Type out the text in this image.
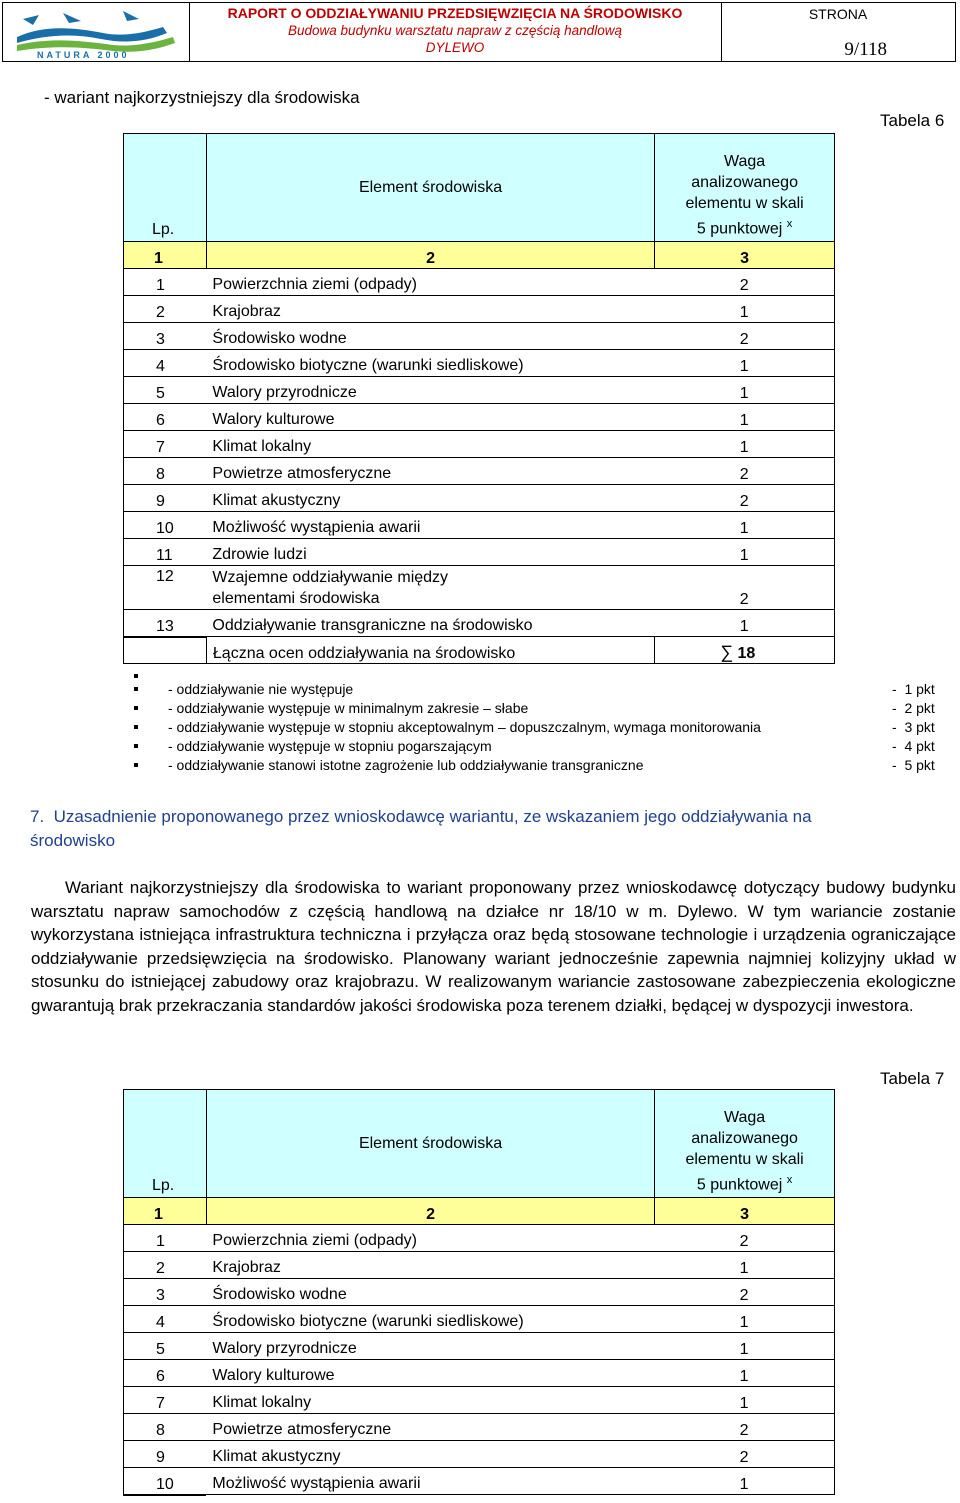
NATURA 2000
RAPORT O ODDZIAŁYWANIU PRZEDSIĘWZIĘCIA NA ŚRODOWISKO
Budowa budynku warsztatu napraw z częścią handlową
DYLEWO
STRONA
9/118
- wariant najkorzystniejszy dla środowiska
Tabela 6
Lp.	Element środowiska	Waga
analizowanego
elementu w skali
5 punktowej $^x$

1	2	3
1	Powierzchnia ziemi (odpady)	2
2	Krajobraz	1
3	Środowisko wodne	2
4	Środowisko biotyczne (warunki siedliskowe)	1
5	Walory przyrodnicze	1
6	Walory kulturowe	1
7	Klimat lokalny	1
8	Powietrze atmosferyczne	2
9	Klimat akustyczny	2
10	Możliwość wystąpienia awarii	1
11	Zdrowie ludzi	1
12	Wzajemne oddziaływanie między elementami środowiska	2
13	Oddziaływanie transgraniczne na środowisko	1
	Łączna ocen oddziaływania na środowisko	∑ 18
- oddziaływanie nie występuje	-  1 pkt
- oddziaływanie występuje w minimalnym zakresie – słabe	-  2 pkt
- oddziaływanie występuje w stopniu akceptowalnym – dopuszczalnym, wymaga monitorowania	-  3 pkt
- oddziaływanie występuje w stopniu pogarszającym	-  4 pkt
- oddziaływanie stanowi istotne zagrożenie lub oddziaływanie transgraniczne	-  5 pkt
7. Uzasadnienie proponowanego przez wnioskodawcę wariantu, ze wskazaniem jego oddziaływania na
środowisko
Wariant najkorzystniejszy dla środowiska to wariant proponowany przez wnioskodawcę dotyczący budowy budynku warsztatu napraw samochodów z częścią handlową na działce nr 18/10 w m. Dylewo. W tym wariancie zostanie wykorzystana istniejąca infrastruktura techniczna i przyłącza oraz będą stosowane technologie i urządzenia ograniczające oddziaływanie przedsięwzięcia na środowisko. Planowany wariant jednocześnie zapewnia najmniej kolizyjny układ w stosunku do istniejącej zabudowy oraz krajobrazu. W realizowanym wariancie zastosowane zabezpieczenia ekologiczne gwarantują brak przekraczania standardów jakości środowiska poza terenem działki, będącej w dyspozycji inwestora.
Tabela 7
Lp.	Element środowiska	Waga
analizowanego
elementu w skali
5 punktowej $^x$

1	2	3
1	Powierzchnia ziemi (odpady)	2
2	Krajobraz	1
3	Środowisko wodne	2
4	Środowisko biotyczne (warunki siedliskowe)	1
5	Walory przyrodnicze	1
6	Walory kulturowe	1
7	Klimat lokalny	1
8	Powietrze atmosferyczne	2
9	Klimat akustyczny	2
10	Możliwość wystąpienia awarii	1
